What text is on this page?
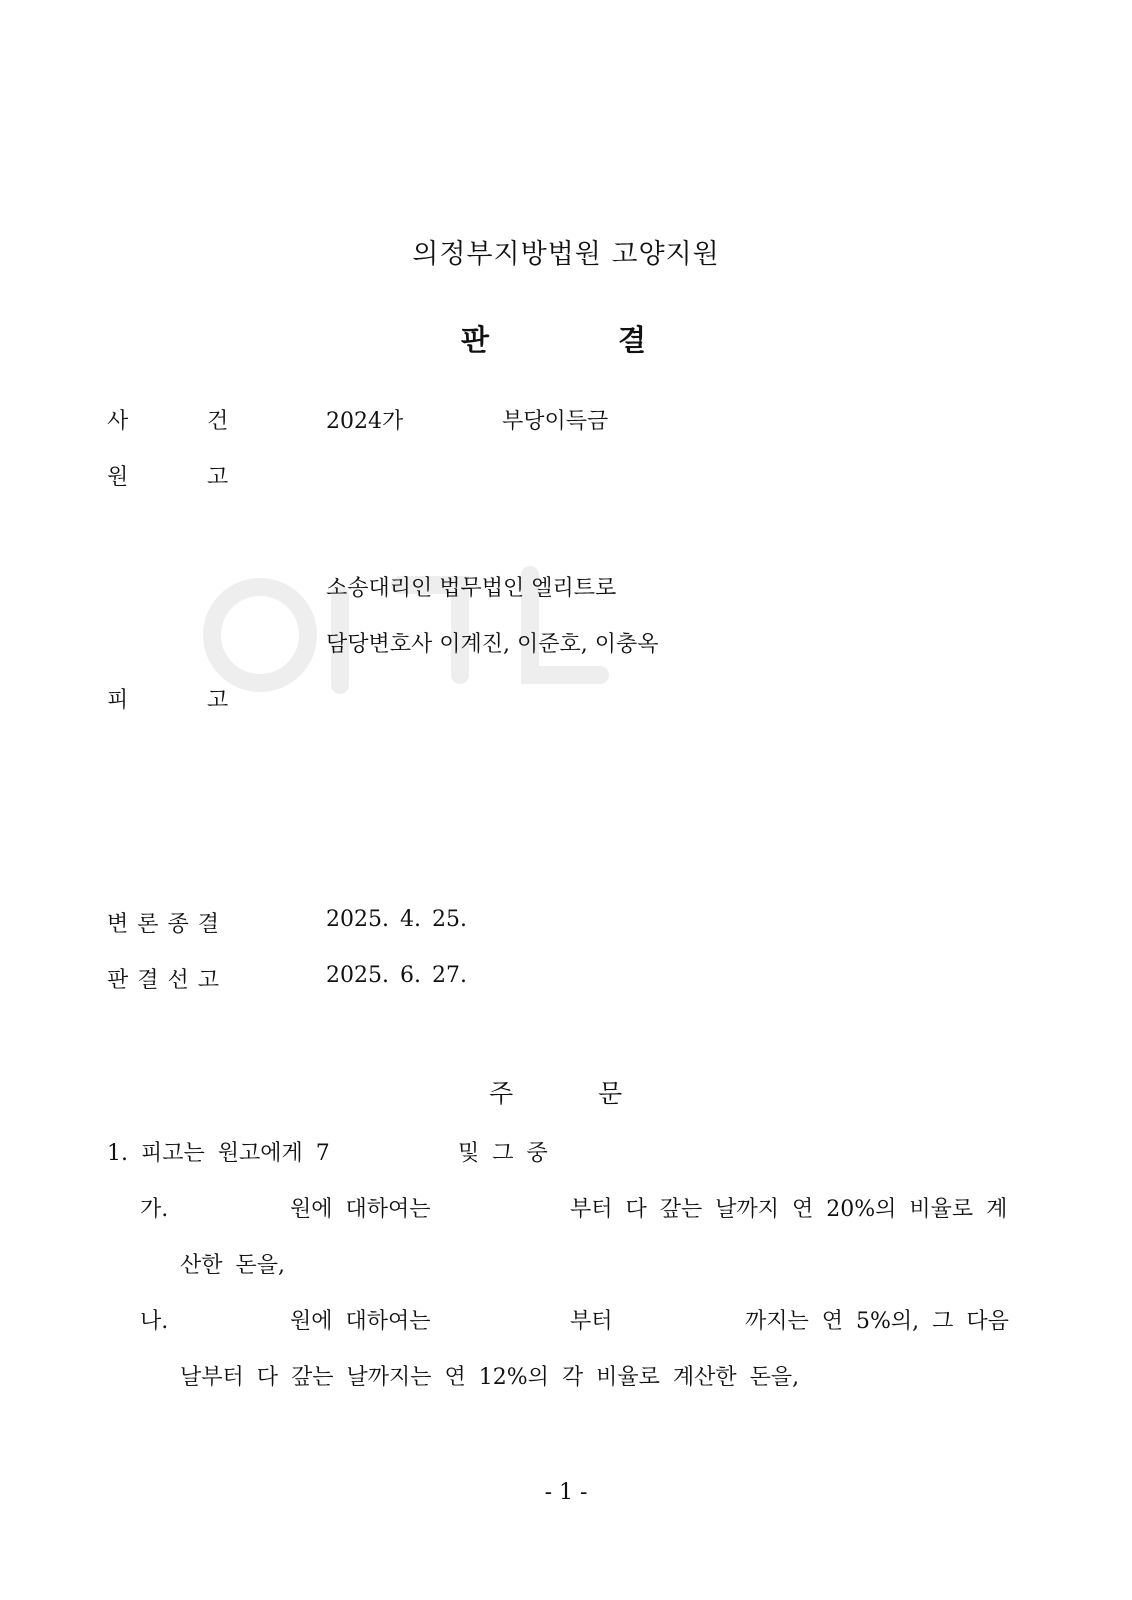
의정부지방법원 고양지원
판	결
사	건	2024가	부당이득금
원	고
소송대리인 법무법인 엘리트로
담당변호사 이계진, 이준호, 이충옥
피	고
변 론 종 결	2025. 4. 25.
판 결 선 고	2025. 6. 27.
주	문
1. 피고는 원고에게 7	및 그 중
가.	원에 대하여는	부터 다 갚는 날까지 연 20%의 비율로 계
산한 돈을,
나.	원에 대하여는	부터	까지는 연 5%의, 그 다음
날부터 다 갚는 날까지는 연 12%의 각 비율로 계산한 돈을,
- 1 -
